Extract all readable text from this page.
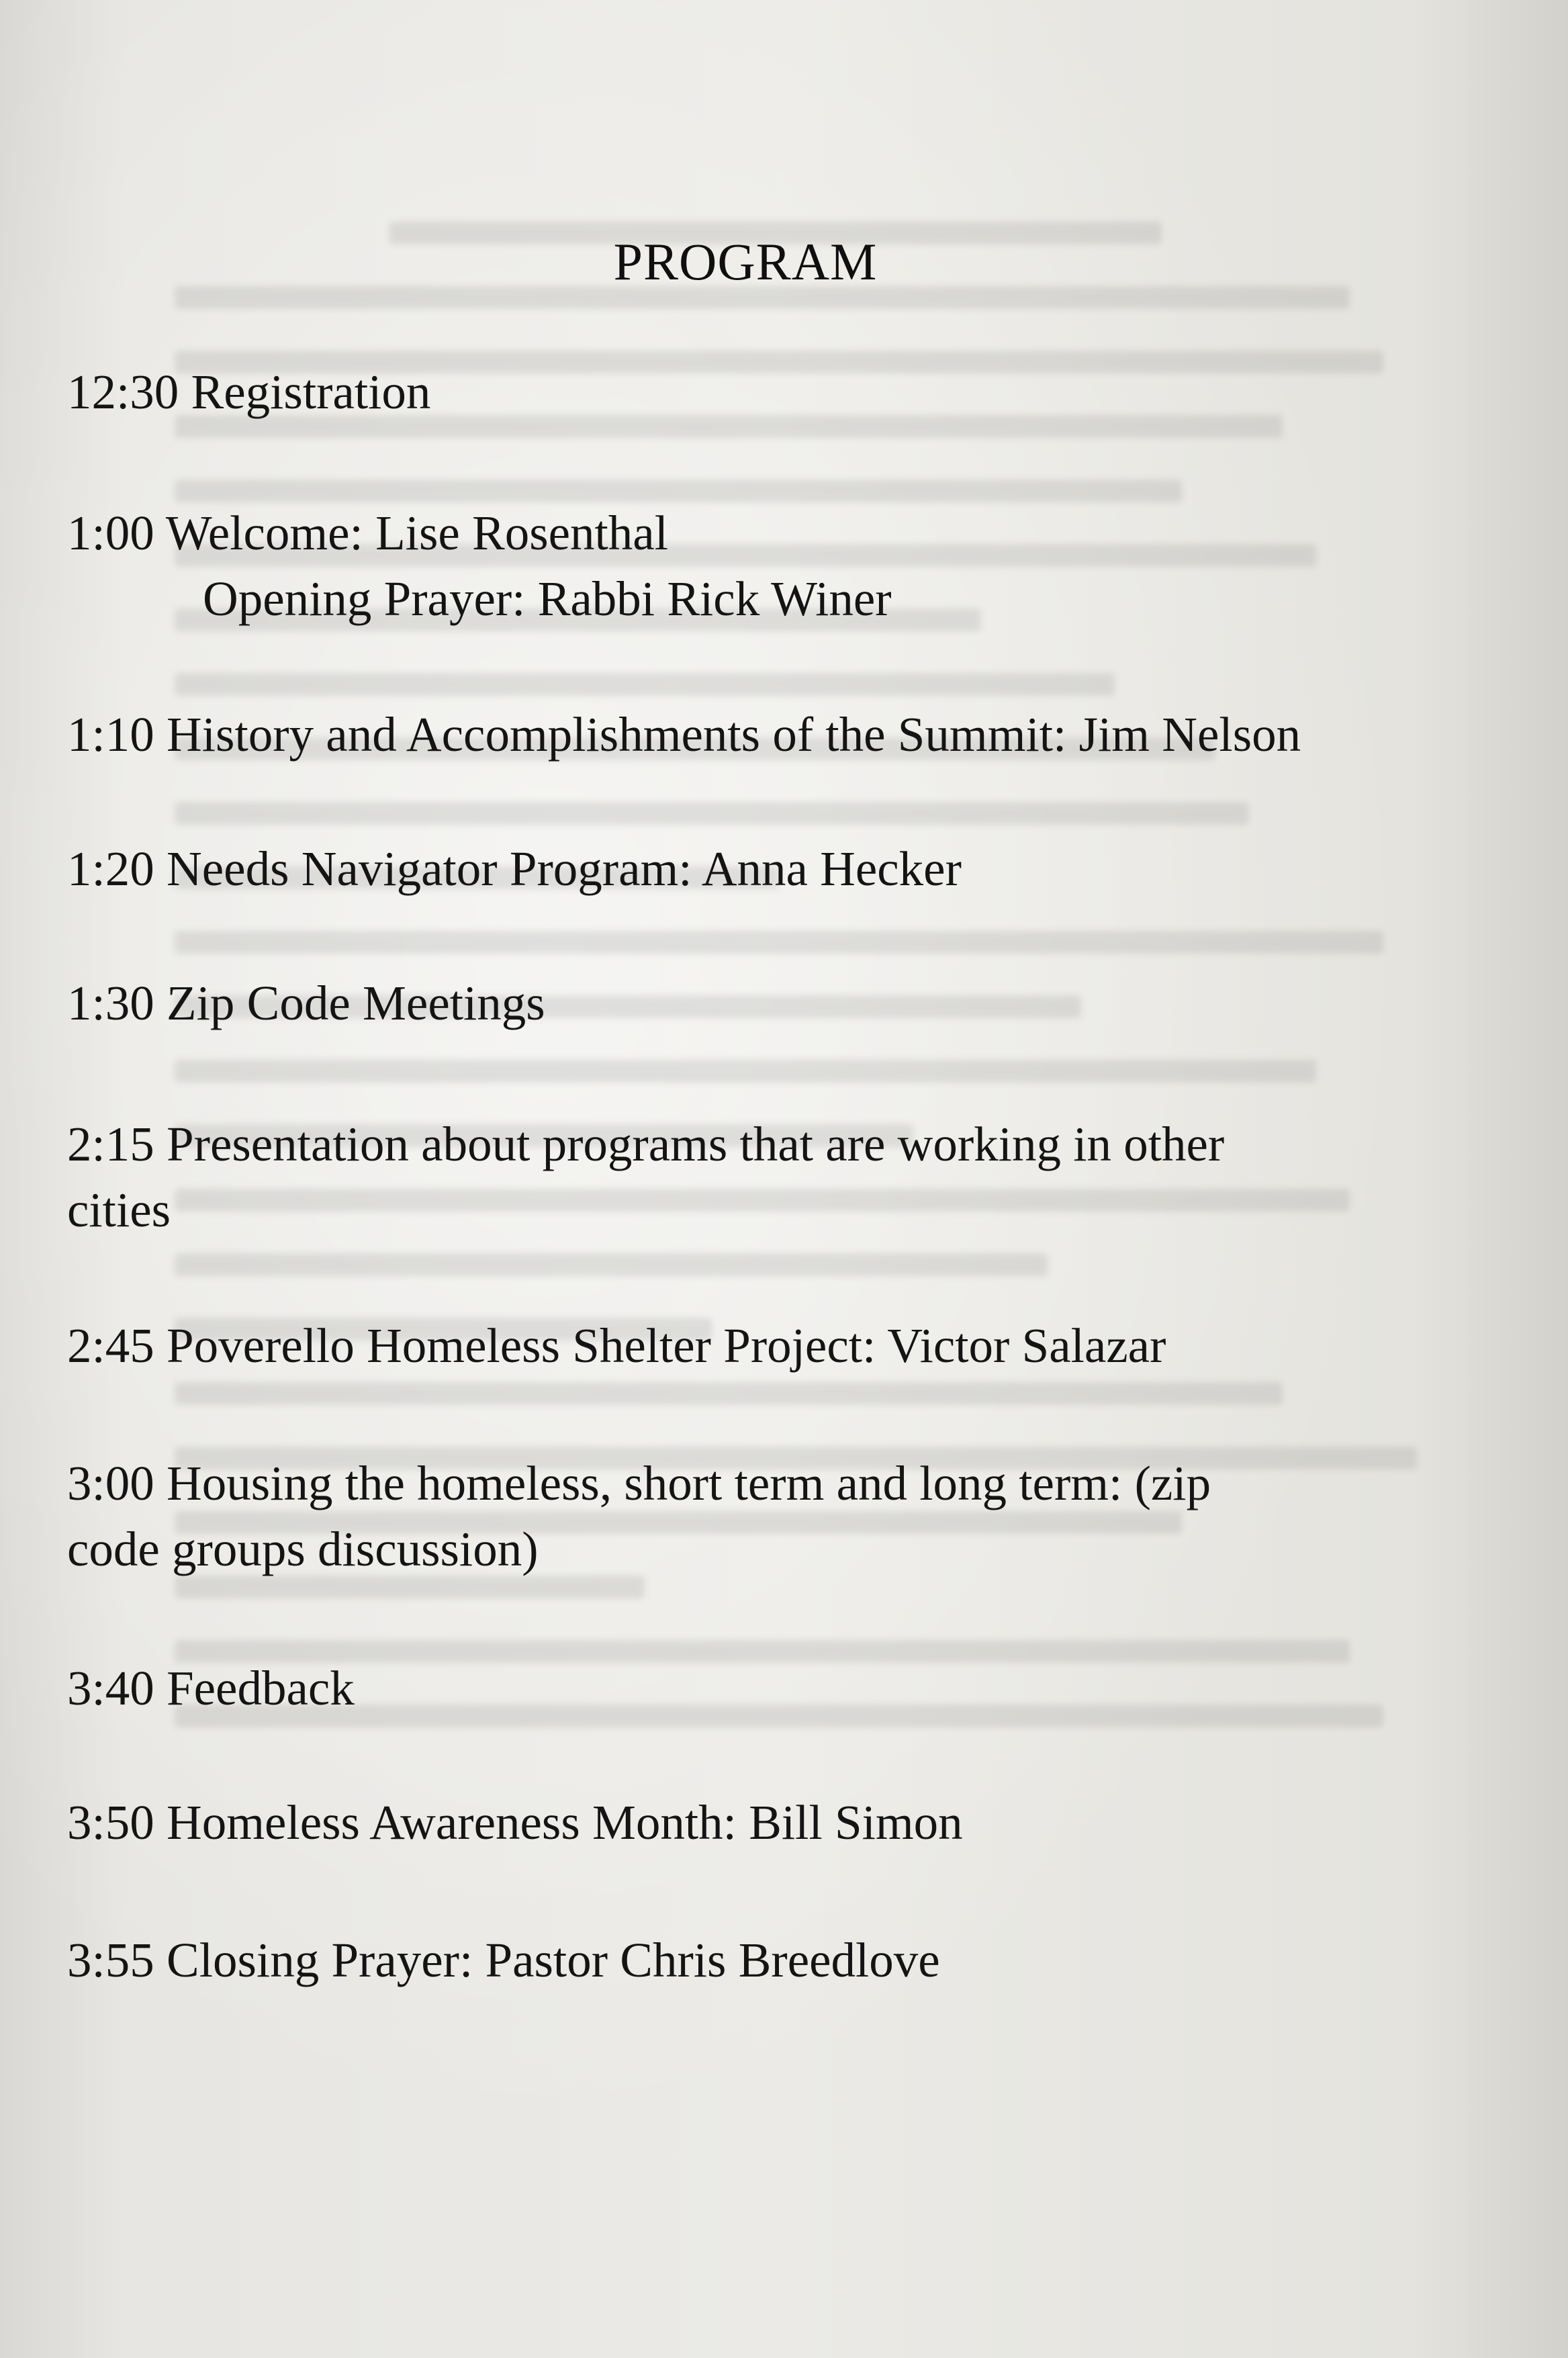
PROGRAM
12:30 Registration
1:00 Welcome: Lise Rosenthal
Opening Prayer: Rabbi Rick Winer
1:10 History and Accomplishments of the Summit: Jim Nelson
1:20 Needs Navigator Program: Anna Hecker
1:30 Zip Code Meetings
2:15 Presentation about programs that are working in other
cities
2:45 Poverello Homeless Shelter Project: Victor Salazar
3:00 Housing the homeless, short term and long term: (zip
code groups discussion)
3:40 Feedback
3:50 Homeless Awareness Month: Bill Simon
3:55 Closing Prayer: Pastor Chris Breedlove
